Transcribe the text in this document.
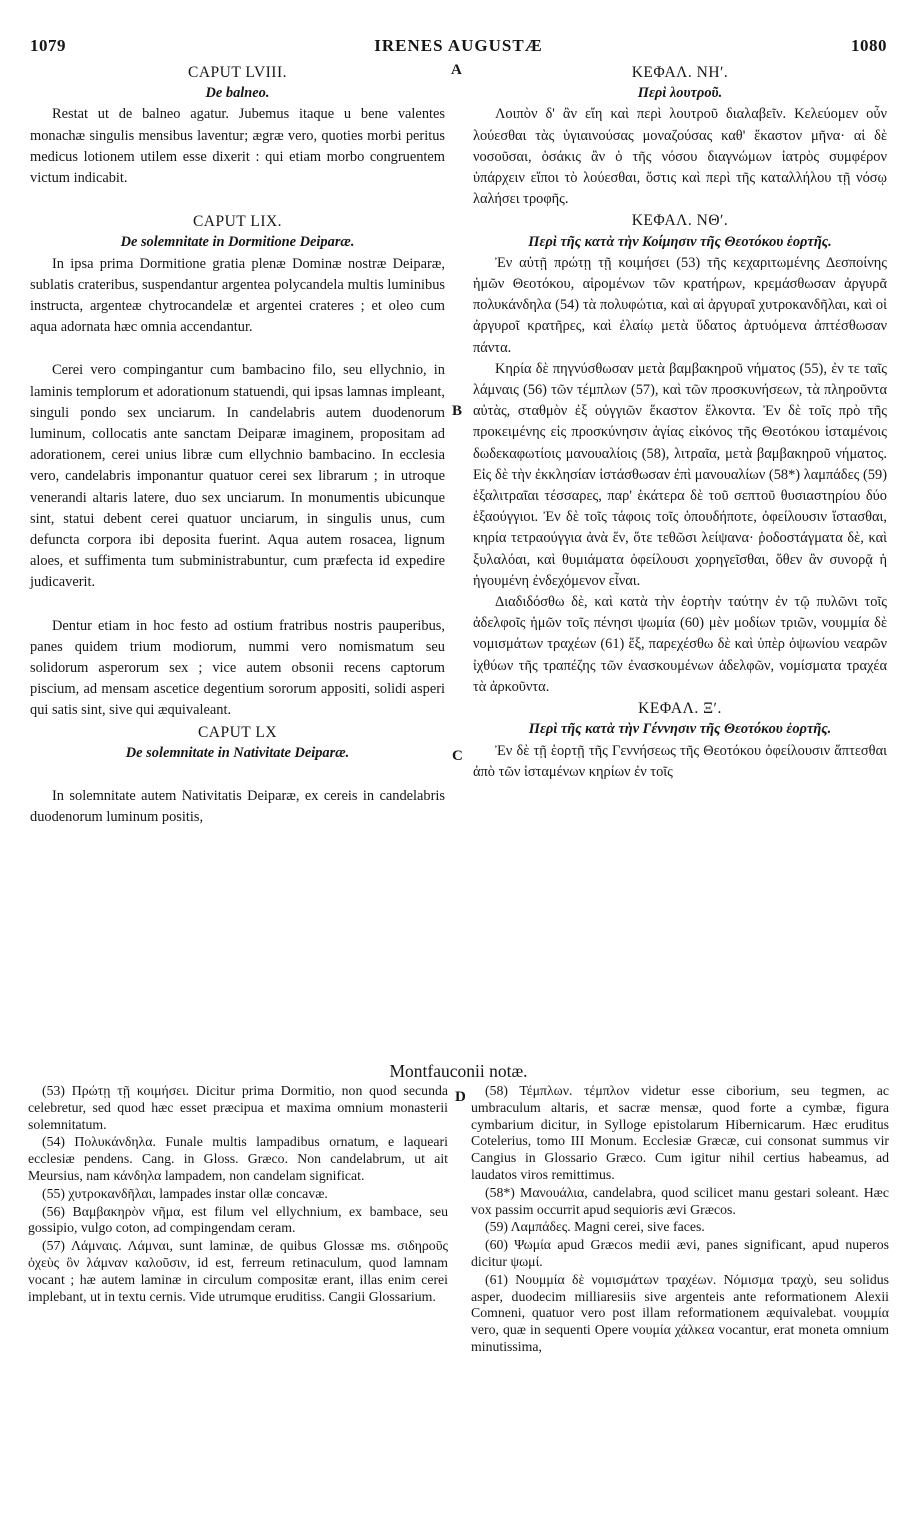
1079	IRENES AUGUSTÆ	1080
A
B
C
D
CAPUT LVIII.
De balneo.

Restat ut de balneo agatur. Jubemus itaque u bene valentes monachæ singulis mensibus laventur; ægræ vero, quoties morbi peritus medicus lotionem utilem esse dixerit : qui etiam morbo congruentem victum indicabit.

CAPUT LIX.
De solemnitate in Dormitione Deiparæ.

In ipsa prima Dormitione gratia plenæ Dominæ nostræ Deiparæ, sublatis crateribus, suspendantur argentea polycandela multis luminibus instructa, argenteæ chytrocandelæ et argentei crateres ; et oleo cum aqua adornata hæc omnia accendantur.

Cerei vero compingantur cum bambacino filo, seu ellychnio, in laminis templorum et adorationum statuendi, qui ipsas lamnas impleant, singuli pondo sex unciarum. In candelabris autem duodenorum luminum, collocatis ante sanctam Deiparæ imaginem, propositam ad adorationem, cerei unius libræ cum ellychnio bambacino. In ecclesia vero, candelabris imponantur quatuor cerei sex librarum ; in utroque venerandi altaris latere, duo sex unciarum. In monumentis ubicunque sint, statui debent cerei quatuor unciarum, in singulis unus, cum defuncta corpora ibi deposita fuerint. Aqua autem rosacea, lignum aloes, et suffimenta tum subministrabuntur, cum præfecta id expedire judicaverit.

Dentur etiam in hoc festo ad ostium fratribus nostris pauperibus, panes quidem trium modiorum, nummi vero nomismatum seu solidorum asperorum sex ; vice autem obsonii recens captorum piscium, ad mensam ascetice degentium sororum appositi, solidi asperi qui satis sint, sive qui æquivaleant.

CAPUT LX
De solemnitate in Nativitate Deiparæ.

In solemnitate autem Nativitatis Deiparæ, ex cereis in candelabris duodenorum luminum positis,

ΚΕΦΑΛ. ΝΗʹ.
Περὶ λουτροῦ.

Λοιπὸν δ' ἂν εἴη καὶ περὶ λουτροῦ διαλαβεῖν. Κελεύομεν οὖν λούεσθαι τὰς ὑγιαινούσας μοναζούσας καθ' ἕκαστον μῆνα· αἱ δὲ νοσοῦσαι, ὁσάκις ἂν ὁ τῆς νόσου διαγνώμων ἰατρὸς συμφέρον ὑπάρχειν εἴποι τὸ λούεσθαι, ὅστις καὶ περὶ τῆς καταλλήλου τῇ νόσῳ λαλήσει τροφῆς.

ΚΕΦΑΛ. ΝΘʹ.
Περὶ τῆς κατὰ τὴν Κοίμησιν τῆς Θεοτόκου ἑορτῆς.

Ἐν αὐτῇ πρώτῃ τῇ κοιμήσει (53) τῆς κεχαριτωμένης Δεσποίνης ἡμῶν Θεοτόκου, αἱρομένων τῶν κρατήρων, κρεμάσθωσαν ἀργυρᾶ πολυκάνδηλα (54) τὰ πολυφώτια, καὶ αἱ ἀργυραῖ χυτροκανδῆλαι, καὶ οἱ ἀργυροῖ κρατῆρες, καὶ ἐλαίῳ μετὰ ὕδατος ἀρτυόμενα ἀπτέσθωσαν πάντα.

Κηρία δὲ πηγνύσθωσαν μετὰ βαμβακηροῦ νήματος (55), ἐν τε ταῖς λάμναις (56) τῶν τέμπλων (57), καὶ τῶν προσκυνήσεων, τὰ πληροῦντα αὐτὰς, σταθμὸν ἐξ οὐγγιῶν ἕκαστον ἕλκοντα. Ἐν δὲ τοῖς πρὸ τῆς προκειμένης εἰς προσκύνησιν ἁγίας εἰκόνος τῆς Θεοτόκου ἱσταμένοις δωδεκαφωτίοις μανουαλίοις (58), λιτραῖα, μετὰ βαμβακηροῦ νήματος. Εἰς δὲ τὴν ἐκκλησίαν ἱστάσθωσαν ἐπὶ μανουαλίων (58*) λαμπάδες (59) ἑξαλιτραῖαι τέσσαρες, παρ' ἑκάτερα δὲ τοῦ σεπτοῦ θυσιαστηρίου δύο ἑξαούγγιοι. Ἐν δὲ τοῖς τάφοις τοῖς ὁπουδήποτε, ὀφείλουσιν ἵστασθαι, κηρία τετραούγγια ἀνὰ ἕν, ὅτε τεθῶσι λείψανα· ῥοδοστάγματα δὲ, καὶ ξυλαλόαι, καὶ θυμιάματα ὀφείλουσι χορηγεῖσθαι, ὅθεν ἂν συνορᾷ ἡ ἡγουμένη ἐνδεχόμενον εἶναι.

Διαδιδόσθω δὲ, καὶ κατὰ τὴν ἑορτὴν ταύτην ἐν τῷ πυλῶνι τοῖς ἀδελφοῖς ἡμῶν τοῖς πένησι ψωμία (60) μὲν μοδίων τριῶν, νουμμία δὲ νομισμάτων τραχέων (61) ἕξ, παρεχέσθω δὲ καὶ ὑπὲρ ὀψωνίου νεαρῶν ἰχθύων τῆς τραπέζης τῶν ἐνασκουμένων ἀδελφῶν, νομίσματα τραχέα τὰ ἀρκοῦντα.

ΚΕΦΑΛ. Ξʹ.
Περὶ τῆς κατὰ τὴν Γέννησιν τῆς Θεοτόκου ἑορτῆς.

Ἐν δὲ τῇ ἑορτῇ τῆς Γεννήσεως τῆς Θεοτόκου ὀφείλουσιν ἅπτεσθαι ἀπὸ τῶν ἱσταμένων κηρίων ἐν τοῖς

Montfauconii notæ.

(53) Πρώτῃ τῇ κοιμήσει. Dicitur prima Dormitio, non quod secunda celebretur, sed quod hæc esset præcipua et maxima omnium monasterii solemnitatum.

(54) Πολυκάνδηλα. Funale multis lampadibus ornatum, e laqueari ecclesiæ pendens. Cang. in Gloss. Græco. Non candelabrum, ut ait Meursius, nam κάνδηλα lampadem, non candelam significat.

(55) χυτροκανδῆλαι, lampades instar ollæ concavæ.

(56) Βαμβακηρὸν νῆμα, est filum vel ellychnium, ex bambace, seu gossipio, vulgo coton, ad compingendam ceram.

(57) Λάμναις. Λάμναι, sunt laminæ, de quibus Glossæ ms. σιδηροῦς ὀχεὺς ὃν λάμναν καλοῦσιν, id est, ferreum retinaculum, quod lamnam vocant ; hæ autem laminæ in circulum compositæ erant, illas enim cerei implebant, ut in textu cernis. Vide utrumque eruditiss. Cangii Glossarium.

(58) Τέμπλων. τέμπλον videtur esse ciborium, seu tegmen, ac umbraculum altaris, et sacræ mensæ, quod forte a cymbæ, figura cymbarium dicitur, in Sylloge epistolarum Hibernicarum. Hæc eruditus Cotelerius, tomo III Monum. Ecclesiæ Græcæ, cui consonat summus vir Cangius in Glossario Græco. Cum igitur nihil certius habeamus, ad laudatos viros remittimus.

(58*) Μανουάλια, candelabra, quod scilicet manu gestari soleant. Hæc vox passim occurrit apud sequioris ævi Græcos.

(59) Λαμπάδες. Magni cerei, sive faces.

(60) Ψωμία apud Græcos medii ævi, panes significant, apud nuperos dicitur ψωμί.

(61) Νουμμία δὲ νομισμάτων τραχέων. Νόμισμα τραχὺ, seu solidus asper, duodecim milliaresiis sive argenteis ante reformationem Alexii Comneni, quatuor vero post illam reformationem æquivalebat. νουμμία vero, quæ in sequenti Opere νουμία χάλκεα vocantur, erat moneta omnium minutissima,
